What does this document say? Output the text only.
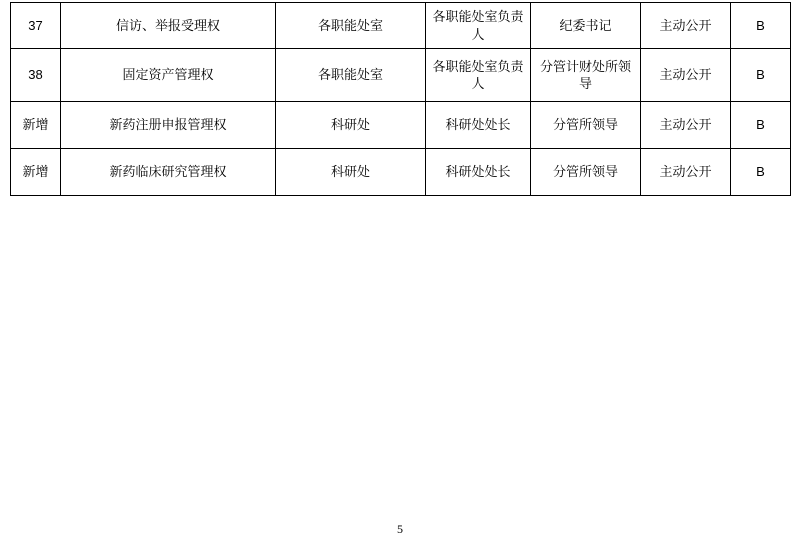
37	信访、举报受理权	各职能处室	各职能处室负责人	纪委书记	主动公开	B
38	固定资产管理权	各职能处室	各职能处室负责人	分管计财处所领导	主动公开	B
新增	新药注册申报管理权	科研处	科研处处长	分管所领导	主动公开	B
新增	新药临床研究管理权	科研处	科研处处长	分管所领导	主动公开	B
5
